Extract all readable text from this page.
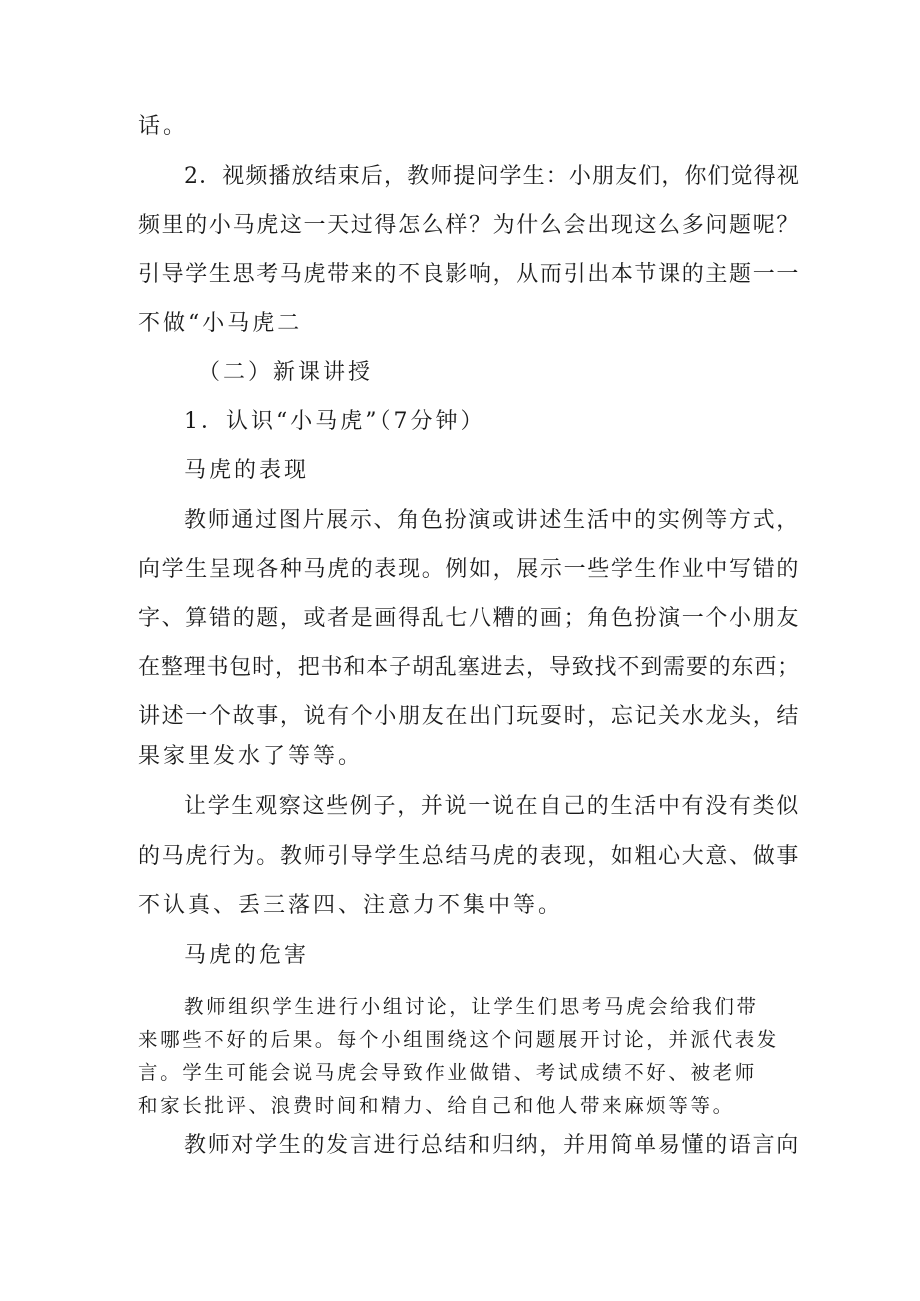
话。
2．视频播放结束后，教师提问学生：小朋友们，你们觉得视
频里的小马虎这一天过得怎么样？为什么会出现这么多问题呢？
引导学生思考马虎带来的不良影响，从而引出本节课的主题一一
不做“小马虎二
（二）新课讲授
1．认识“小马虎”（7分钟）
马虎的表现
教师通过图片展示、角色扮演或讲述生活中的实例等方式，
向学生呈现各种马虎的表现。例如，展示一些学生作业中写错的
字、算错的题，或者是画得乱七八糟的画；角色扮演一个小朋友
在整理书包时，把书和本子胡乱塞进去，导致找不到需要的东西；
讲述一个故事，说有个小朋友在出门玩耍时，忘记关水龙头，结
果家里发水了等等。
让学生观察这些例子，并说一说在自己的生活中有没有类似
的马虎行为。教师引导学生总结马虎的表现，如粗心大意、做事
不认真、丢三落四、注意力不集中等。
马虎的危害
教师组织学生进行小组讨论，让学生们思考马虎会给我们带
来哪些不好的后果。每个小组围绕这个问题展开讨论，并派代表发
言。学生可能会说马虎会导致作业做错、考试成绩不好、被老师
和家长批评、浪费时间和精力、给自己和他人带来麻烦等等。
教师对学生的发言进行总结和归纳，并用简单易懂的语言向
